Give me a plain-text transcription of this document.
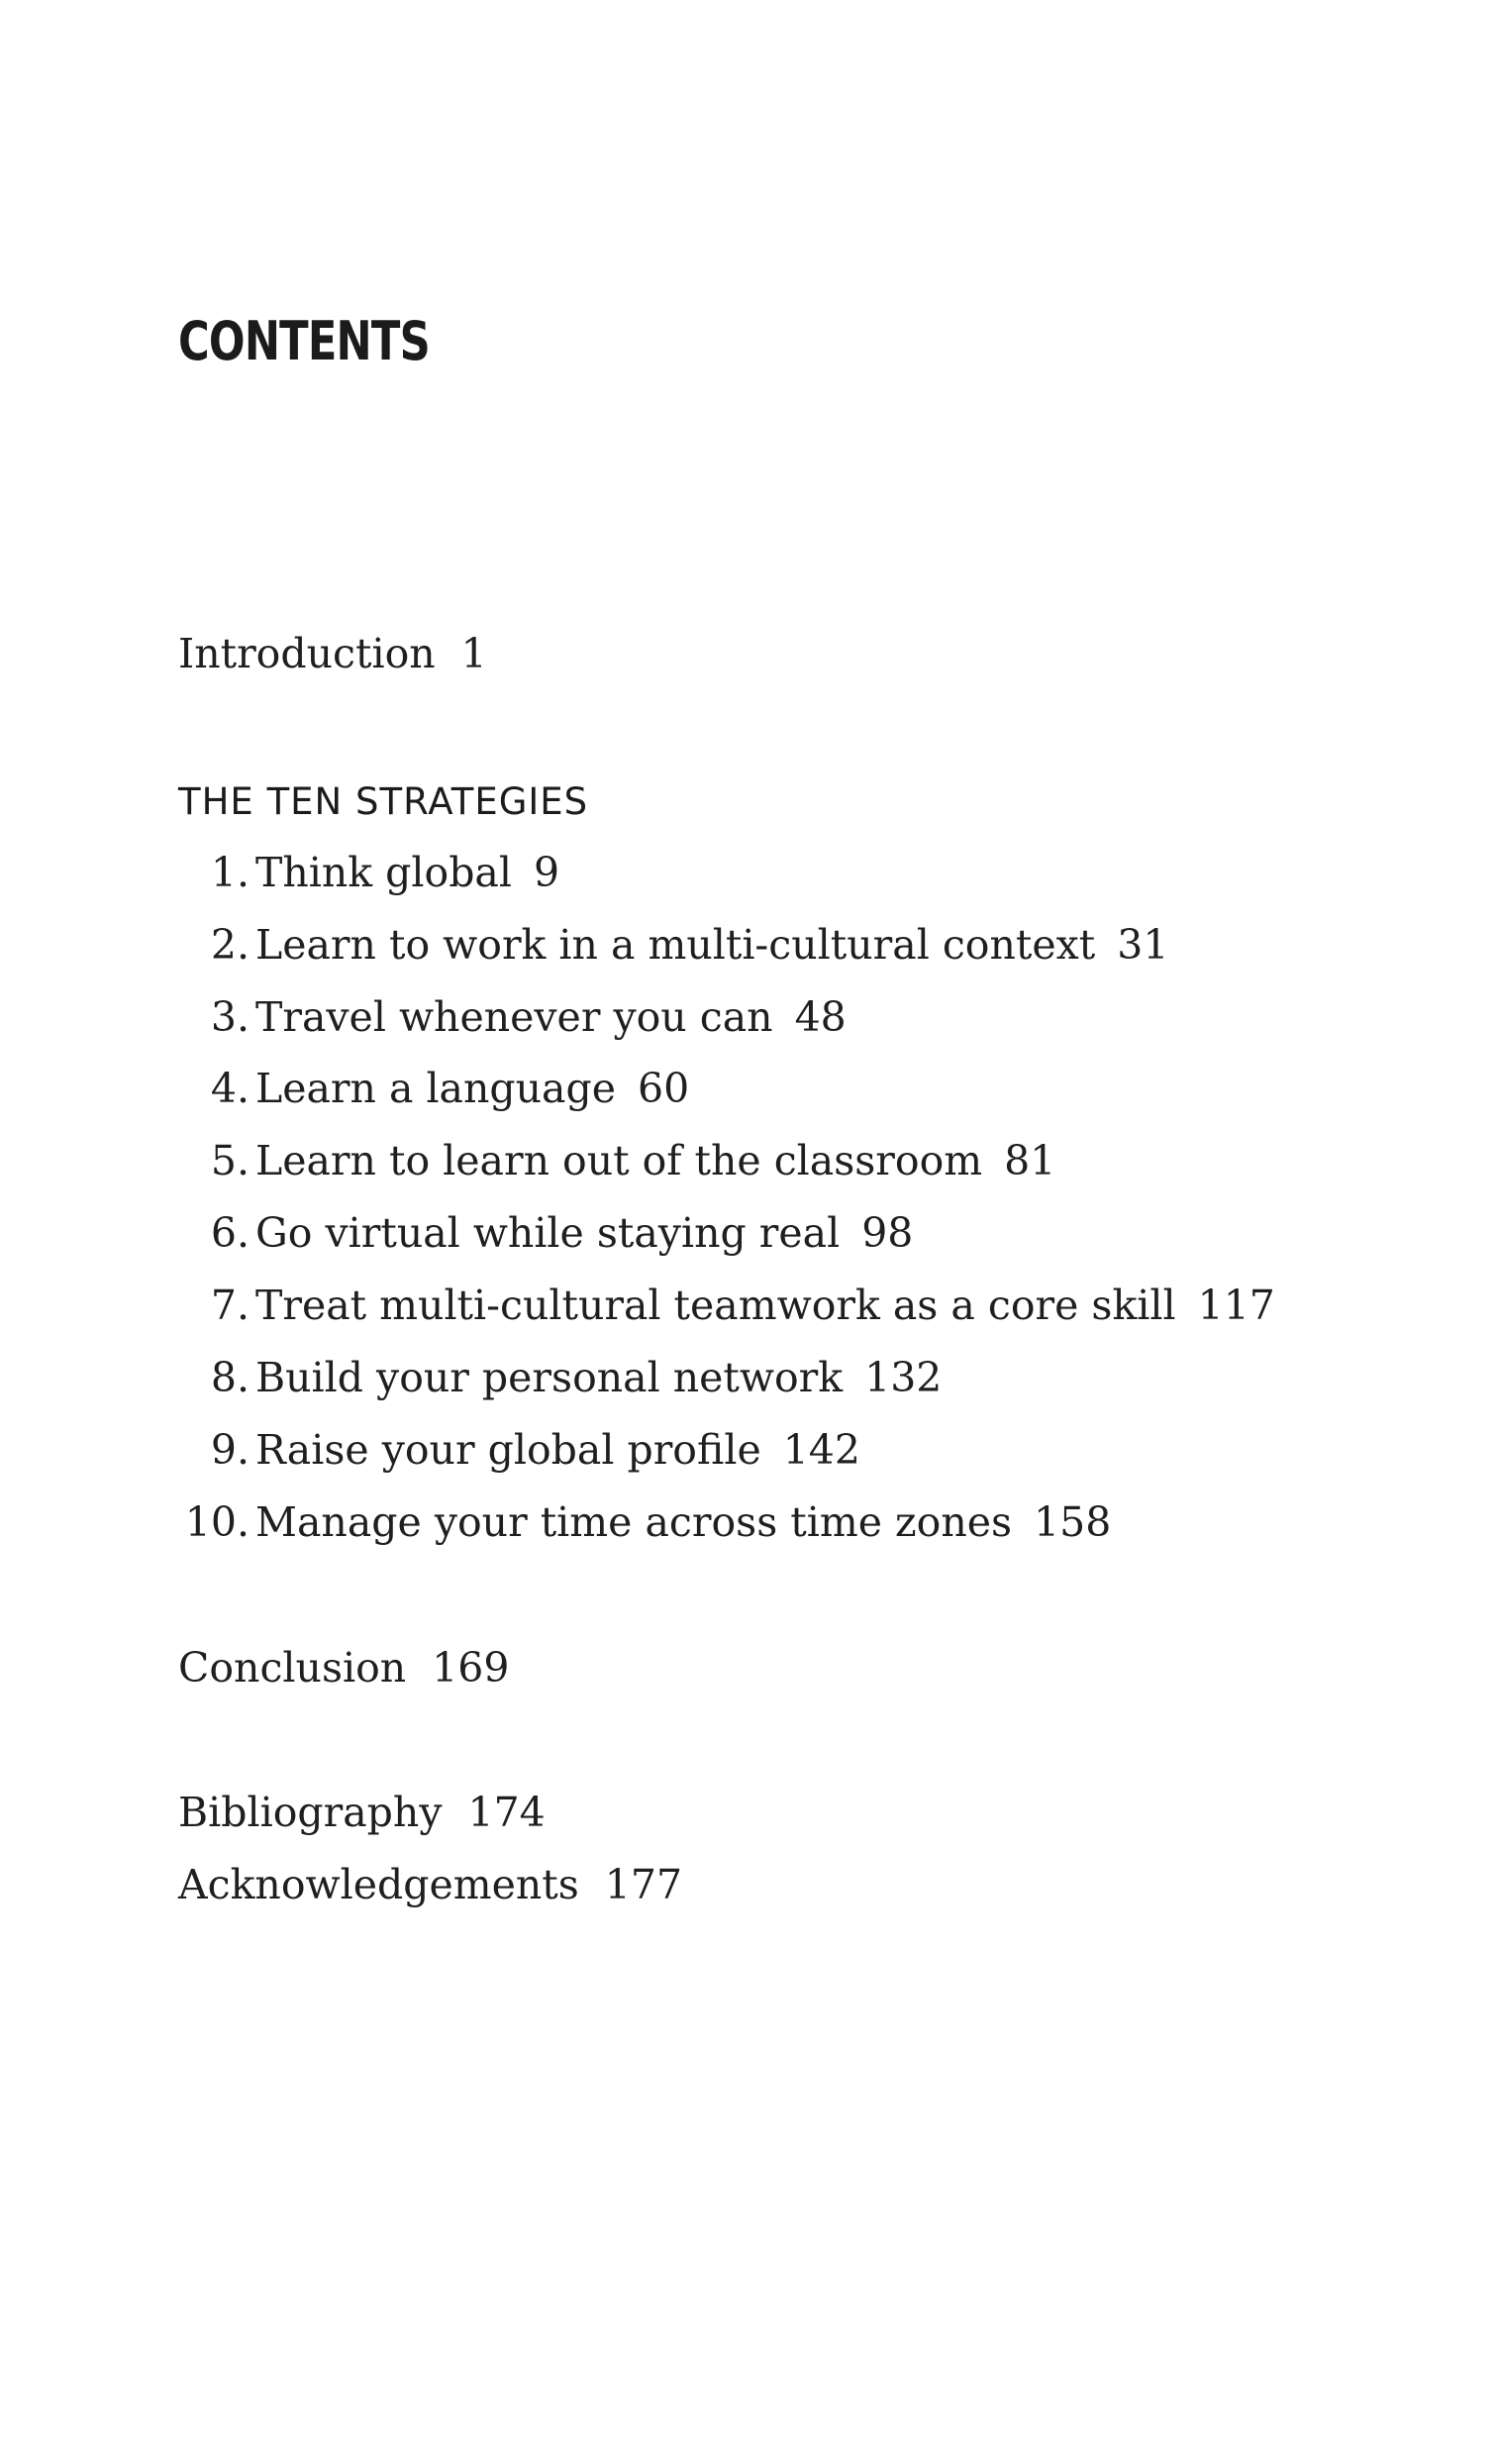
CONTENTS
Introduction 1
THE TEN STRATEGIES
1. Think global 9
2. Learn to work in a multi-cultural context 31
3. Travel whenever you can 48
4. Learn a language 60
5. Learn to learn out of the classroom 81
6. Go virtual while staying real 98
7. Treat multi-cultural teamwork as a core skill 117
8. Build your personal network 132
9. Raise your global profile 142
10. Manage your time across time zones 158
Conclusion 169
Bibliography 174
Acknowledgements 177
